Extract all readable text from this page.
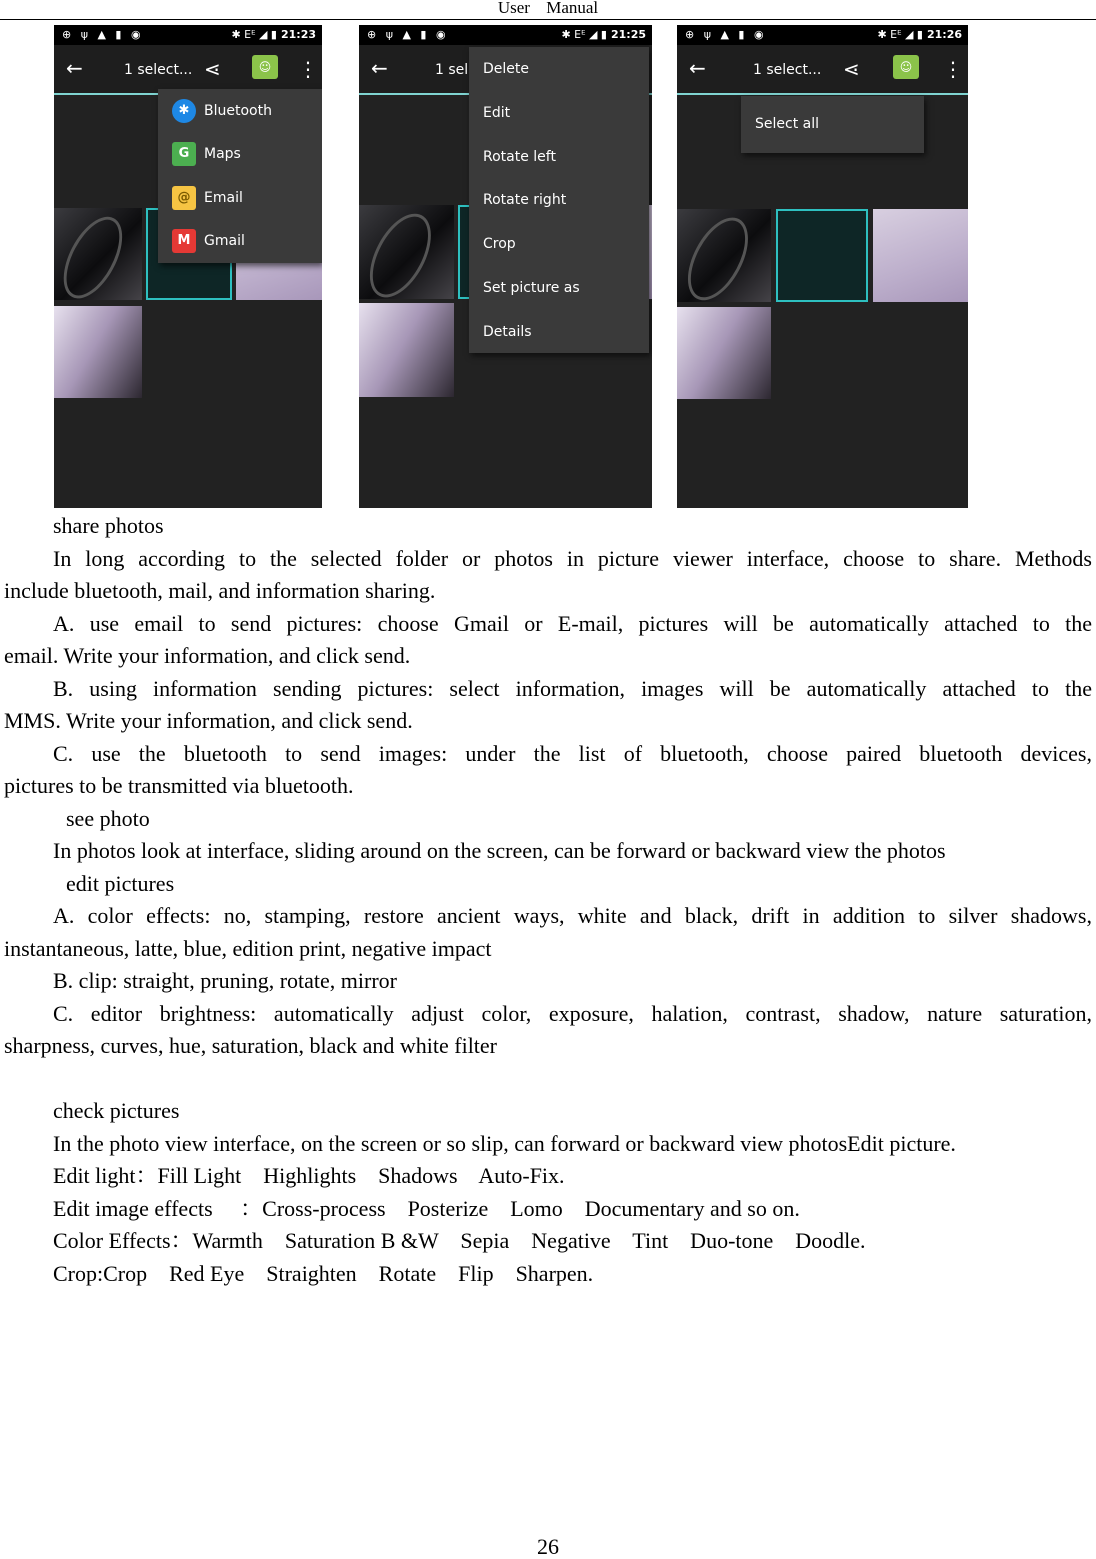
User Manual
⊕ ψ ▲ ▮ ◉	✱ Eᴱ ◢ ▮ 21:23
←	1 select... ⋖	☺	⋮
✱ Bluetooth
G Maps
@ Email
M Gmail
⊕ ψ ▲ ▮ ◉	✱ Eᴱ ◢ ▮ 21:25
←	1 sel Delete
Edit
Rotate left
Rotate right
Crop
Set picture as
Details
⊕ ψ ▲ ▮ ◉	✱ Eᴱ ◢ ▮ 21:26
←	1 select... ⋖	☺	⋮
Select all
share photos
In long according to the selected folder or photos in picture viewer interface, choose to share. Methods
include bluetooth, mail, and information sharing.
A. use email to send pictures: choose Gmail or E-mail, pictures will be automatically attached to the
email. Write your information, and click send.
B. using information sending pictures: select information, images will be automatically attached to the
MMS. Write your information, and click send.
C. use the bluetooth to send images: under the list of bluetooth, choose paired bluetooth devices,
pictures to be transmitted via bluetooth.
see photo
In photos look at interface, sliding around on the screen, can be forward or backward view the photos
edit pictures
A. color effects: no, stamping, restore ancient ways, white and black, drift in addition to silver shadows,
instantaneous, latte, blue, edition print, negative impact
B. clip: straight, pruning, rotate, mirror
C. editor brightness: automatically adjust color, exposure, halation, contrast, shadow, nature saturation,
sharpness, curves, hue, saturation, black and white filter
check pictures
In the photo view interface, on the screen or so slip, can forward or backward view photosEdit picture.
Edit light：Fill Light    Highlights    Shadows    Auto-Fix.
Edit image effects     ：Cross-process    Posterize    Lomo    Documentary and so on.
Color Effects：Warmth    Saturation B &W    Sepia    Negative    Tint    Duo-tone    Doodle.
Crop:Crop    Red Eye    Straighten    Rotate    Flip    Sharpen.
26
